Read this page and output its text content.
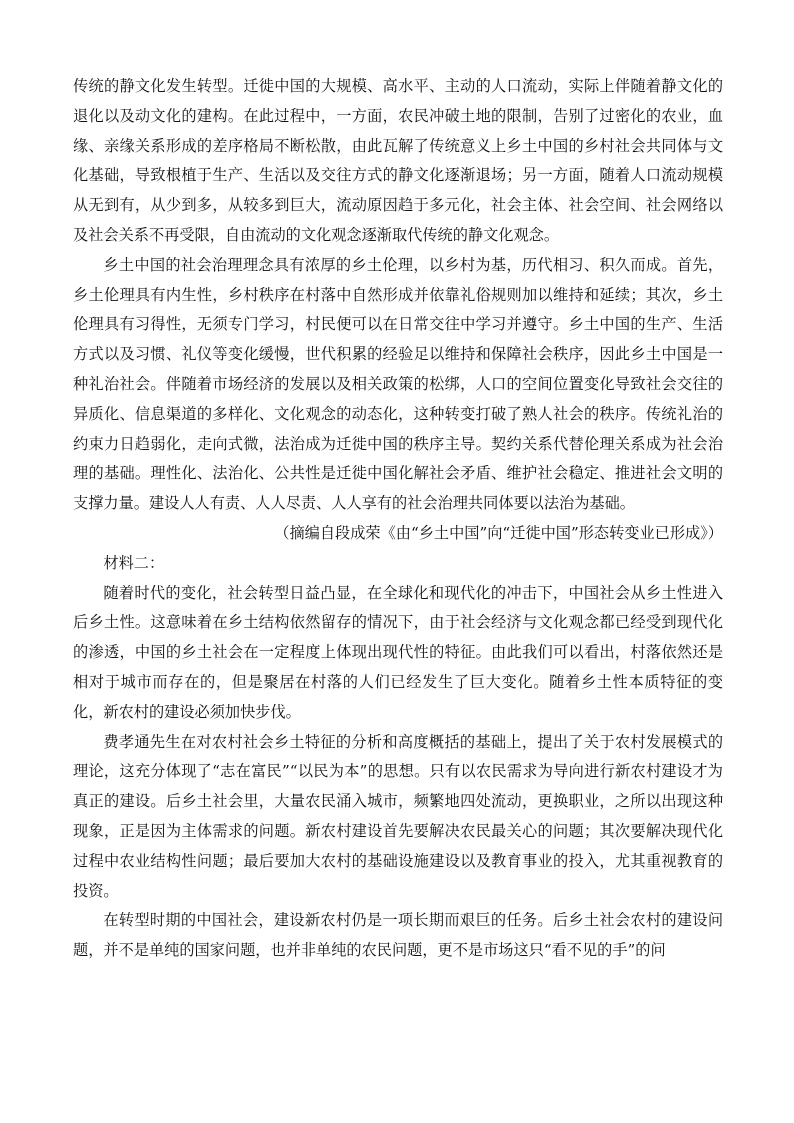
传统的静文化发生转型。迁徙中国的大规模、高水平、主动的人口流动，实际上伴随着静文化的退化以及动文化的建构。在此过程中，一方面，农民冲破土地的限制，告别了过密化的农业，血缘、亲缘关系形成的差序格局不断松散，由此瓦解了传统意义上乡土中国的乡村社会共同体与文化基础，导致根植于生产、生活以及交往方式的静文化逐渐退场；另一方面，随着人口流动规模从无到有，从少到多，从较多到巨大，流动原因趋于多元化，社会主体、社会空间、社会网络以及社会关系不再受限，自由流动的文化观念逐渐取代传统的静文化观念。

乡土中国的社会治理理念具有浓厚的乡土伦理，以乡村为基，历代相习、积久而成。首先，乡土伦理具有内生性，乡村秩序在村落中自然形成并依靠礼俗规则加以维持和延续；其次，乡土伦理具有习得性，无须专门学习，村民便可以在日常交往中学习并遵守。乡土中国的生产、生活方式以及习惯、礼仪等变化缓慢，世代积累的经验足以维持和保障社会秩序，因此乡土中国是一种礼治社会。伴随着市场经济的发展以及相关政策的松绑，人口的空间位置变化导致社会交往的异质化、信息渠道的多样化、文化观念的动态化，这种转变打破了熟人社会的秩序。传统礼治的约束力日趋弱化，走向式微，法治成为迁徙中国的秩序主导。契约关系代替伦理关系成为社会治理的基础。理性化、法治化、公共性是迁徙中国化解社会矛盾、维护社会稳定、推进社会文明的支撑力量。建设人人有责、人人尽责、人人享有的社会治理共同体要以法治为基础。

（摘编自段成荣《由“乡土中国”向“迁徙中国”形态转变业已形成》）

材料二：

随着时代的变化，社会转型日益凸显，在全球化和现代化的冲击下，中国社会从乡土性进入后乡土性。这意味着在乡土结构依然留存的情况下，由于社会经济与文化观念都已经受到现代化的渗透，中国的乡土社会在一定程度上体现出现代性的特征。由此我们可以看出，村落依然还是相对于城市而存在的，但是聚居在村落的人们已经发生了巨大变化。随着乡土性本质特征的变化，新农村的建设必须加快步伐。

费孝通先生在对农村社会乡土特征的分析和高度概括的基础上，提出了关于农村发展模式的理论，这充分体现了“志在富民”“以民为本”的思想。只有以农民需求为导向进行新农村建设才为真正的建设。后乡土社会里，大量农民涌入城市，频繁地四处流动，更换职业，之所以出现这种现象，正是因为主体需求的问题。新农村建设首先要解决农民最关心的问题；其次要解决现代化过程中农业结构性问题；最后要加大农村的基础设施建设以及教育事业的投入，尤其重视教育的投资。

在转型时期的中国社会，建设新农村仍是一项长期而艰巨的任务。后乡土社会农村的建设问题，并不是单纯的国家问题，也并非单纯的农民问题，更不是市场这只“看不见的手”的问
